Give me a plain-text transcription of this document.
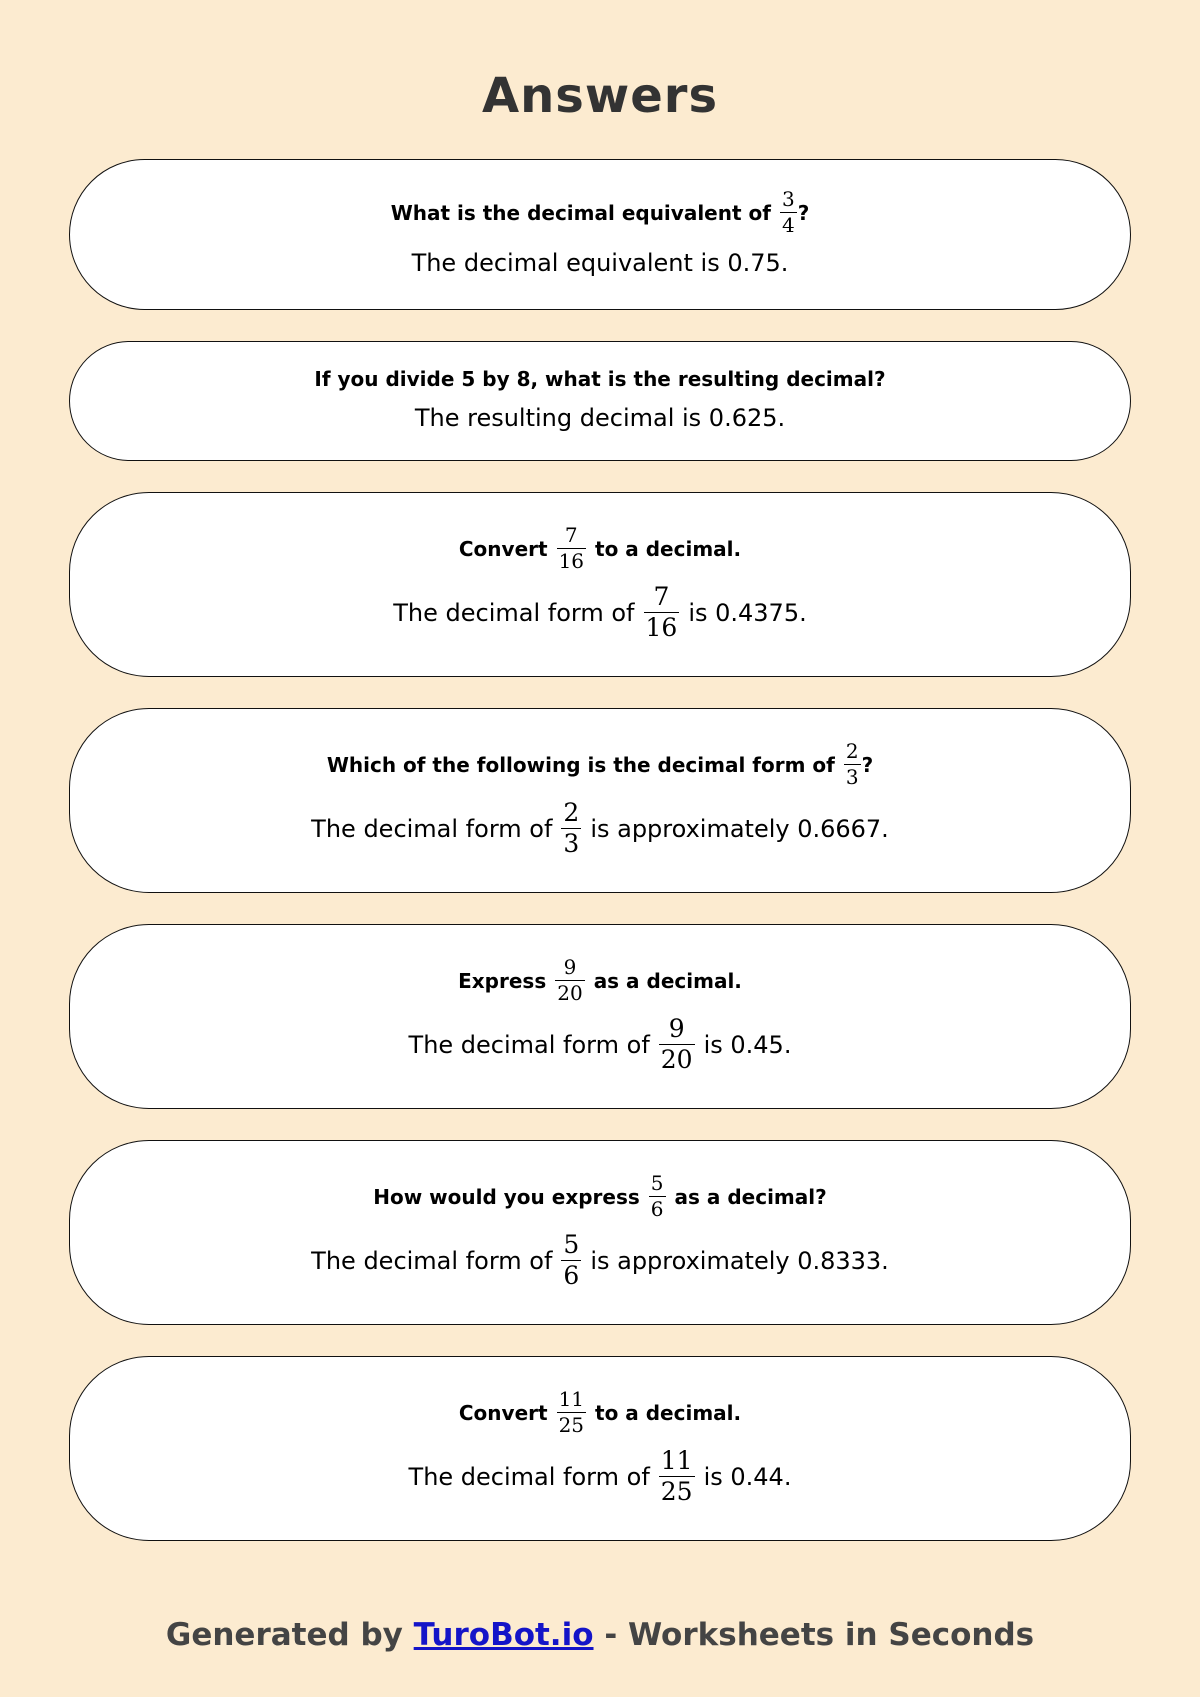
Answers
What is the decimal equivalent of $\frac{3}{4}$ ?
The decimal equivalent is 0.75.
If you divide 5 by 8, what is the resulting decimal?
The resulting decimal is 0.625.
Convert $\frac{7}{16}$ to a decimal.
The decimal form of $\frac{7}{16}$ is 0.4375.
Which of the following is the decimal form of $\frac{2}{3}$ ?
The decimal form of $\frac{2}{3}$ is approximately 0.6667.
Express $\frac{9}{20}$ as a decimal.
The decimal form of $\frac{9}{20}$ is 0.45.
How would you express $\frac{5}{6}$ as a decimal?
The decimal form of $\frac{5}{6}$ is approximately 0.8333.
Convert $\frac{11}{25}$ to a decimal.
The decimal form of $\frac{11}{25}$ is 0.44.
Generated by TuroBot.io - Worksheets in Seconds
